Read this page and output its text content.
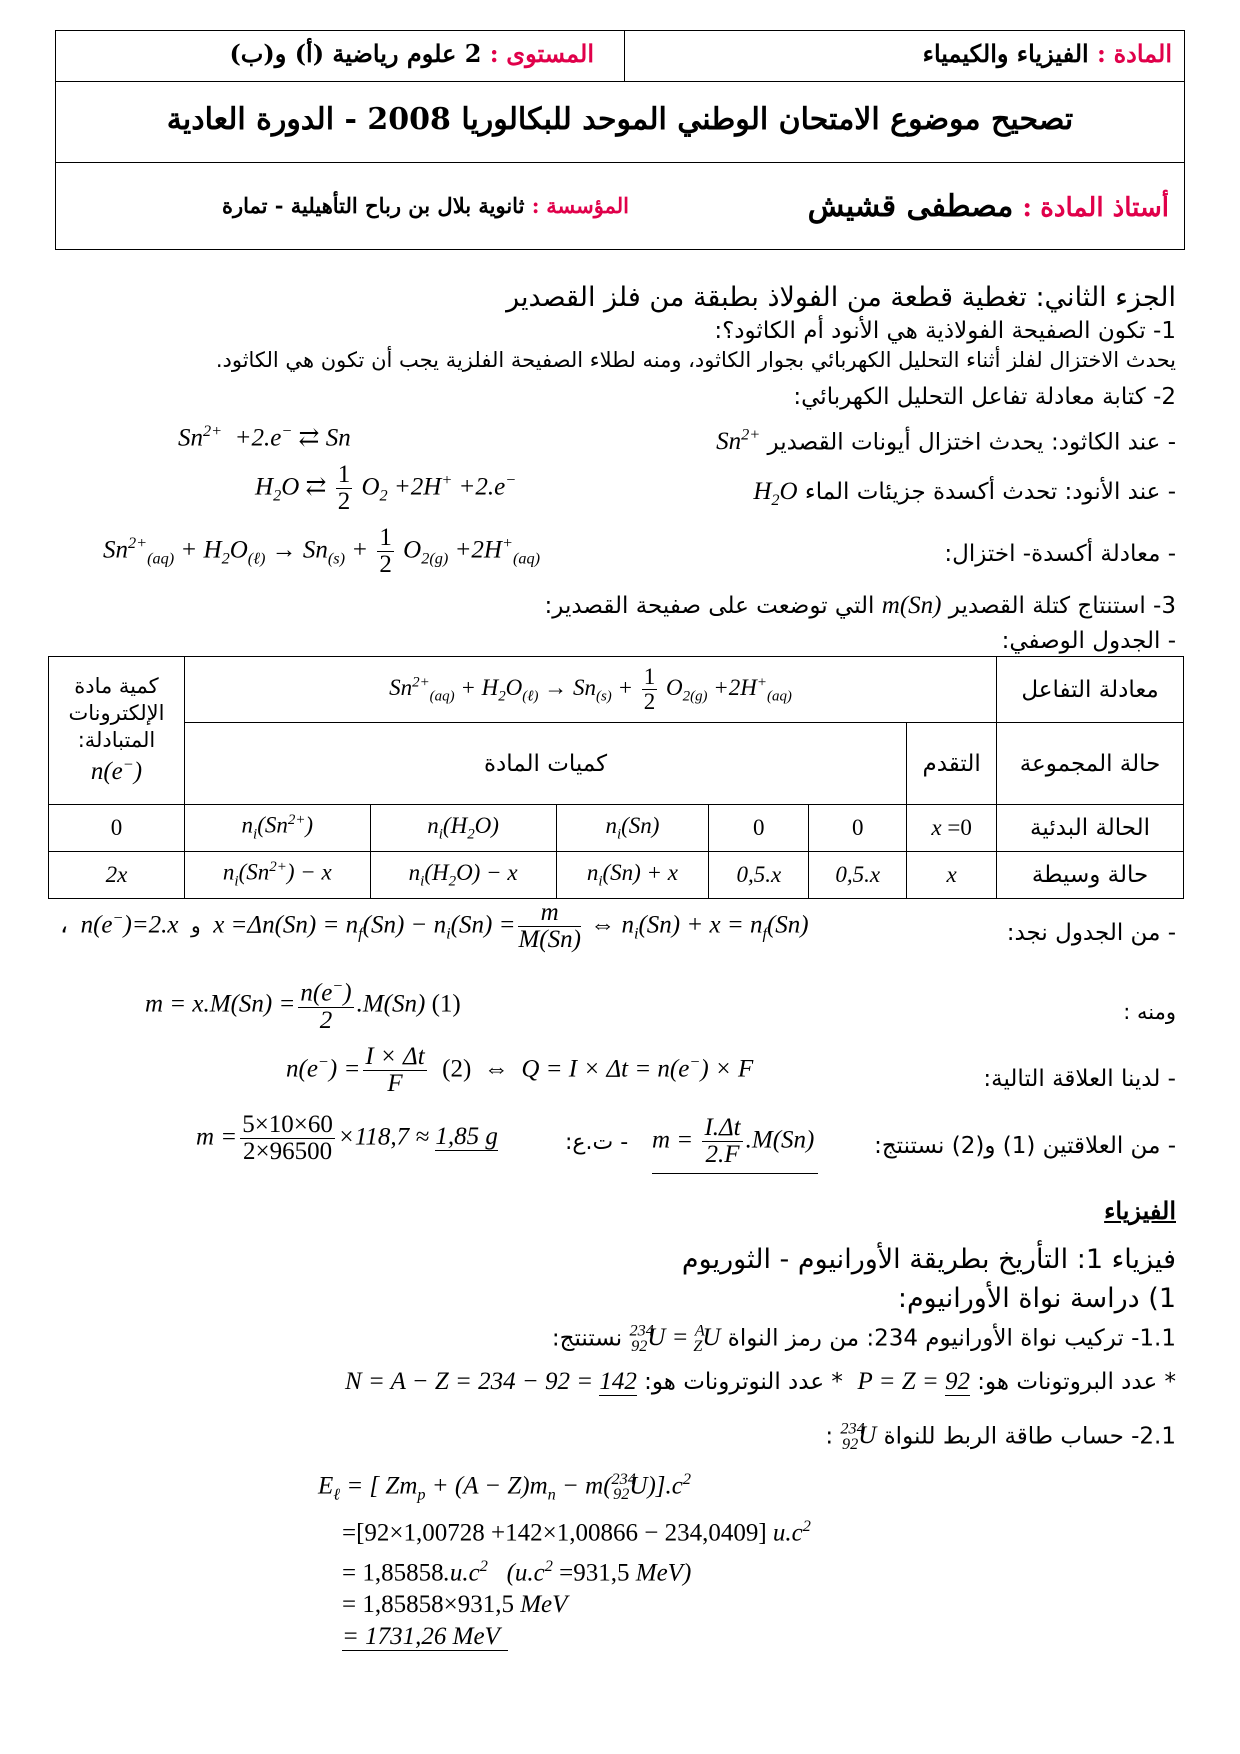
المادة : الفيزياء والكيمياء
المستوى : 2 علوم رياضية (أ) و(ب)
تصحيح موضوع الامتحان الوطني الموحد للبكالوريا 2008 - الدورة العادية
أستاذ المادة : مصطفى قشيش
المؤسسة : ثانوية بلال بن رباح التأهيلية - تمارة
الجزء الثاني: تغطية قطعة من الفولاذ بطبقة من فلز القصدير
1- تكون الصفيحة الفولاذية هي الأنود أم الكاثود؟:
يحدث الاختزال لفلز أثناء التحليل الكهربائي بجوار الكاثود، ومنه لطلاء الصفيحة الفلزية يجب أن تكون هي الكاثود.
2- كتابة معادلة تفاعل التحليل الكهربائي:
- عند الكاثود: يحدث اختزال أيونات القصدير $Sn^{2+}$
$Sn^{2+} +2.e^-$ ⇄ Sn
- عند الأنود: تحدث أكسدة جزيئات الماء  $H_2O$
$H_2O$ ⇄ $\frac{1}{2} O_2 +2H^+ +2.e^-$
- معادلة أكسدة- اختزال:
$Sn^{2+}_{(aq)} + H_2O_{(\ell)} \to Sn_{(s)} + \frac{1}{2} O_{2(g)} +2H^+_{(aq)}$
3- استنتاج كتلة القصدير m(Sn) التي توضعت على صفيحة القصدير:
- الجدول الوصفي:
كمية مادة الإلكترونات المتبادلة:
n(e−)	$Sn^{2+}_{(aq)} + H_2O_{(\ell)} \to Sn_{(s)} + \frac{1}{2} O_{2(g)} +2H^+_{(aq)}$						معادلة التفاعل
	كميات المادة					التقدم	حالة المجموعة
0	$n_i(Sn^{2+})$	$n_i(H_2O)$	$n_i(Sn)$	0	0	x =0	الحالة البدئية
2x	$n_i(Sn^{2+}) - x$	$n_i(H_2O) - x$	$n_i(Sn) + x$	0,5.x	0,5.x	x	حالة وسيطة
- من الجدول نجد:
،  n(e−)=2.x  و  $x =\Delta n(Sn) = n_f(Sn) - n_i(Sn) = \frac{m}{M(Sn)}$ ⇔ $n_i(Sn) + x = n_f(Sn)$
ومنه :
$m = x.M(Sn) = \frac{n(e^-)}{2} .M(Sn)$ (1)
- لدينا العلاقة التالية:
$n(e^-) = \frac{I \times \Delta t}{F} (2)$ ⇔  Q = I × Δt = n(e−) × F
- من العلاقتين (1) و(2) نستنتج:
$m = \frac{I.\Delta t}{2.F} .M(Sn)$
- ت.ع:
$m = \frac{5\times 10\times 60}{2\times 96500} \times 118,7 \approx 1,85$ g
الفيزياء
فيزياء 1: التأريخ بطريقة الأورانيوم - الثوريوم
1) دراسة نواة الأورانيوم:
1.1- تركيب نواة الأورانيوم 234: من رمز النواة $^{234}_{92}$U = $^A_Z$U نستنتج:
* عدد البروتونات هو: P = Z = 92  * عدد النوترونات هو: N = A − Z = 234 − 92 = 142
2.1- حساب طاقة الربط للنواة $^{234}_{92}$U :
$E_\ell$ = [ $Zm_p + (A - Z)m_n - m(^{234}_{92}U)].c^2$
=[92×1,00728 +142×1,00866 − 234,0409] $u.c^2$
= $1,85858.u.c^2$   ($u.c^2 =931,5$ MeV)
= 1,85858×931,5 MeV
= 1731,26 MeV
